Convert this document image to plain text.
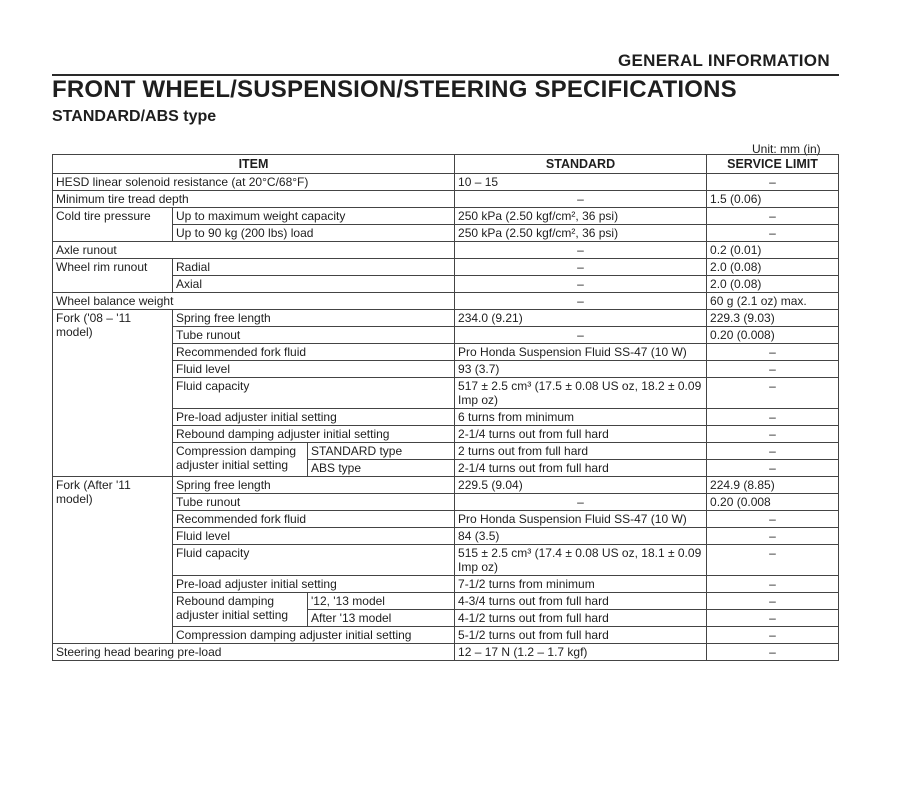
GENERAL INFORMATION
FRONT WHEEL/SUSPENSION/STEERING SPECIFICATIONS
STANDARD/ABS type
Unit: mm (in)
ITEM			STANDARD	SERVICE LIMIT
HESD linear solenoid resistance (at 20°C/68°F)			10 – 15	–
Minimum tire tread depth			–	1.5 (0.06)
Cold tire pressure	Up to maximum weight capacity		250 kPa (2.50 kgf/cm², 36 psi)	–
	Up to 90 kg (200 lbs) load		250 kPa (2.50 kgf/cm², 36 psi)	–
Axle runout			–	0.2 (0.01)
Wheel rim runout	Radial		–	2.0 (0.08)
	Axial		–	2.0 (0.08)
Wheel balance weight			–	60 g (2.1 oz) max.
Fork ('08 – '11 model)	Spring free length		234.0 (9.21)	229.3 (9.03)
	Tube runout		–	0.20 (0.008)
	Recommended fork fluid		Pro Honda Suspension Fluid SS-47 (10 W)	–
	Fluid level		93 (3.7)	–
	Fluid capacity		517 ± 2.5 cm³ (17.5 ± 0.08 US oz, 18.2 ± 0.09 Imp oz)	–
	Pre-load adjuster initial setting		6 turns from minimum	–
	Rebound damping adjuster initial setting		2-1/4 turns out from full hard	–
	Compression damping adjuster initial setting	STANDARD type	2 turns out from full hard	–
		ABS type	2-1/4 turns out from full hard	–
Fork (After '11 model)	Spring free length		229.5 (9.04)	224.9 (8.85)
	Tube runout		–	0.20 (0.008
	Recommended fork fluid		Pro Honda Suspension Fluid SS-47 (10 W)	–
	Fluid level		84 (3.5)	–
	Fluid capacity		515 ± 2.5 cm³ (17.4 ± 0.08 US oz, 18.1 ± 0.09 Imp oz)	–
	Pre-load adjuster initial setting		7-1/2 turns from minimum	–
	Rebound damping adjuster initial setting	'12, '13 model	4-3/4 turns out from full hard	–
		After '13 model	4-1/2 turns out from full hard	–
	Compression damping adjuster initial setting		5-1/2 turns out from full hard	–
Steering head bearing pre-load			12 – 17 N (1.2 – 1.7 kgf)	–
